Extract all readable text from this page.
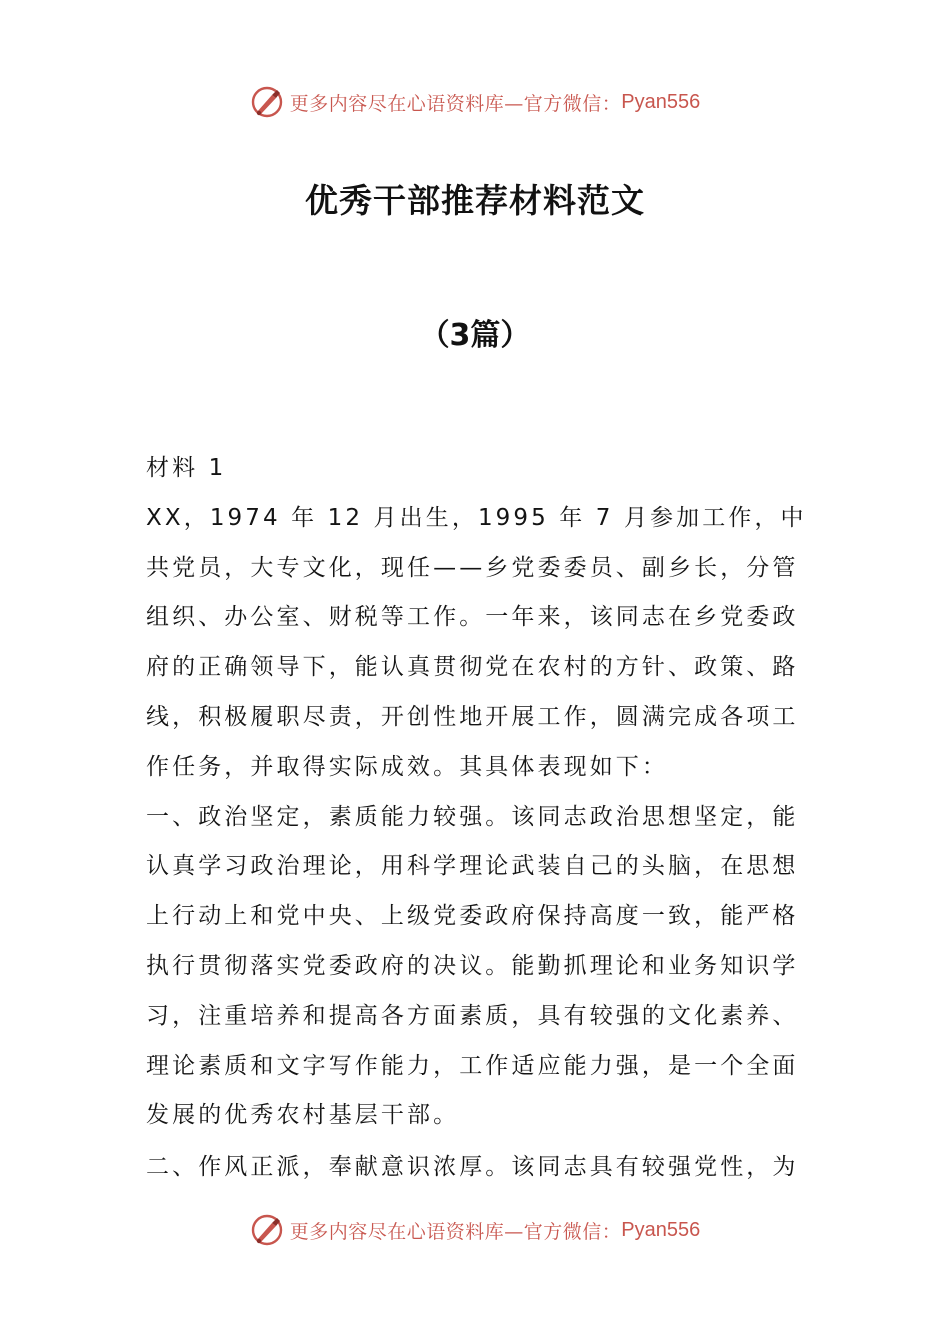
更多内容尽在心语资料库—官方微信： Pyan556
优秀干部推荐材料范文
（3篇）

材料 1

XX，1974 年 12 月出生，1995 年 7 月参加工作，中共党员，大专文化，现任——乡党委委员、副乡长，分管组织、办公室、财税等工作。一年来，该同志在乡党委政府的正确领导下，能认真贯彻党在农村的方针、政策、路线，积极履职尽责，开创性地开展工作，圆满完成各项工作任务，并取得实际成效。其具体表现如下：

一、政治坚定，素质能力较强。该同志政治思想坚定，能认真学习政治理论，用科学理论武装自己的头脑，在思想上行动上和党中央、上级党委政府保持高度一致，能严格执行贯彻落实党委政府的决议。能勤抓理论和业务知识学习，注重培养和提高各方面素质，具有较强的文化素养、理论素质和文字写作能力，工作适应能力强，是一个全面发展的优秀农村基层干部。

二、作风正派，奉献意识浓厚。该同志具有较强党性，为

更多内容尽在心语资料库—官方微信： Pyan556
